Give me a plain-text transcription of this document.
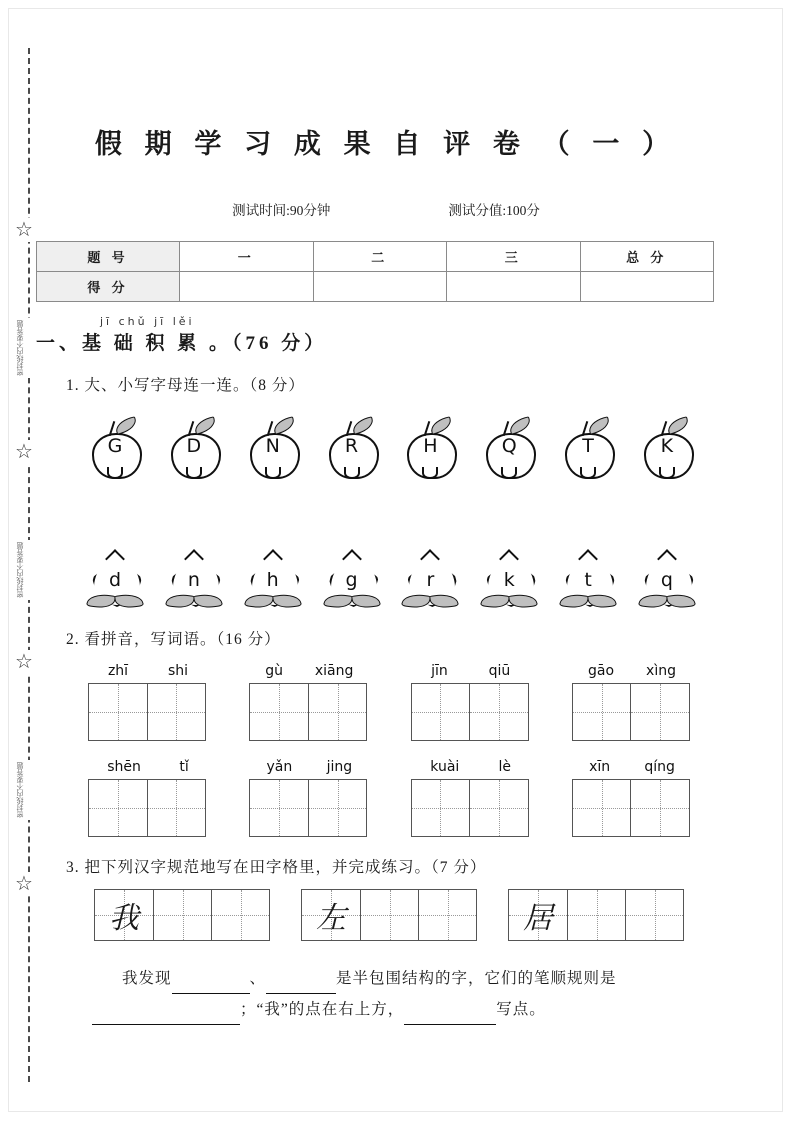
☆
☆
☆
☆
密封线内不要答题
密封线内不要答题
密封线内不要答题
假 期 学 习 成 果 自 评 卷 （ 一 ）
测试时间:90分钟	测试分值:100分
题 号	一	二	三	总 分
得 分				
jī chǔ jī lěi
一、基 础 积 累 。（76 分）
1. 大、小写字母连一连。（8 分）
G	D	N	R	H	Q	T	K
d	n	h	g	r	k	t	q
2. 看拼音，写词语。（16 分）
zhī	shi	gù xiāng	jīn	qiū	gāo xìng
shēn	tǐ	yǎn jing	kuài	lè	xīn qíng
3. 把下列汉字规范地写在田字格里，并完成练习。（7 分）
我	左	居
我发现	、	是半包围结构的字，它们的笔顺规则是；“我”的点在右上方，	写点。
